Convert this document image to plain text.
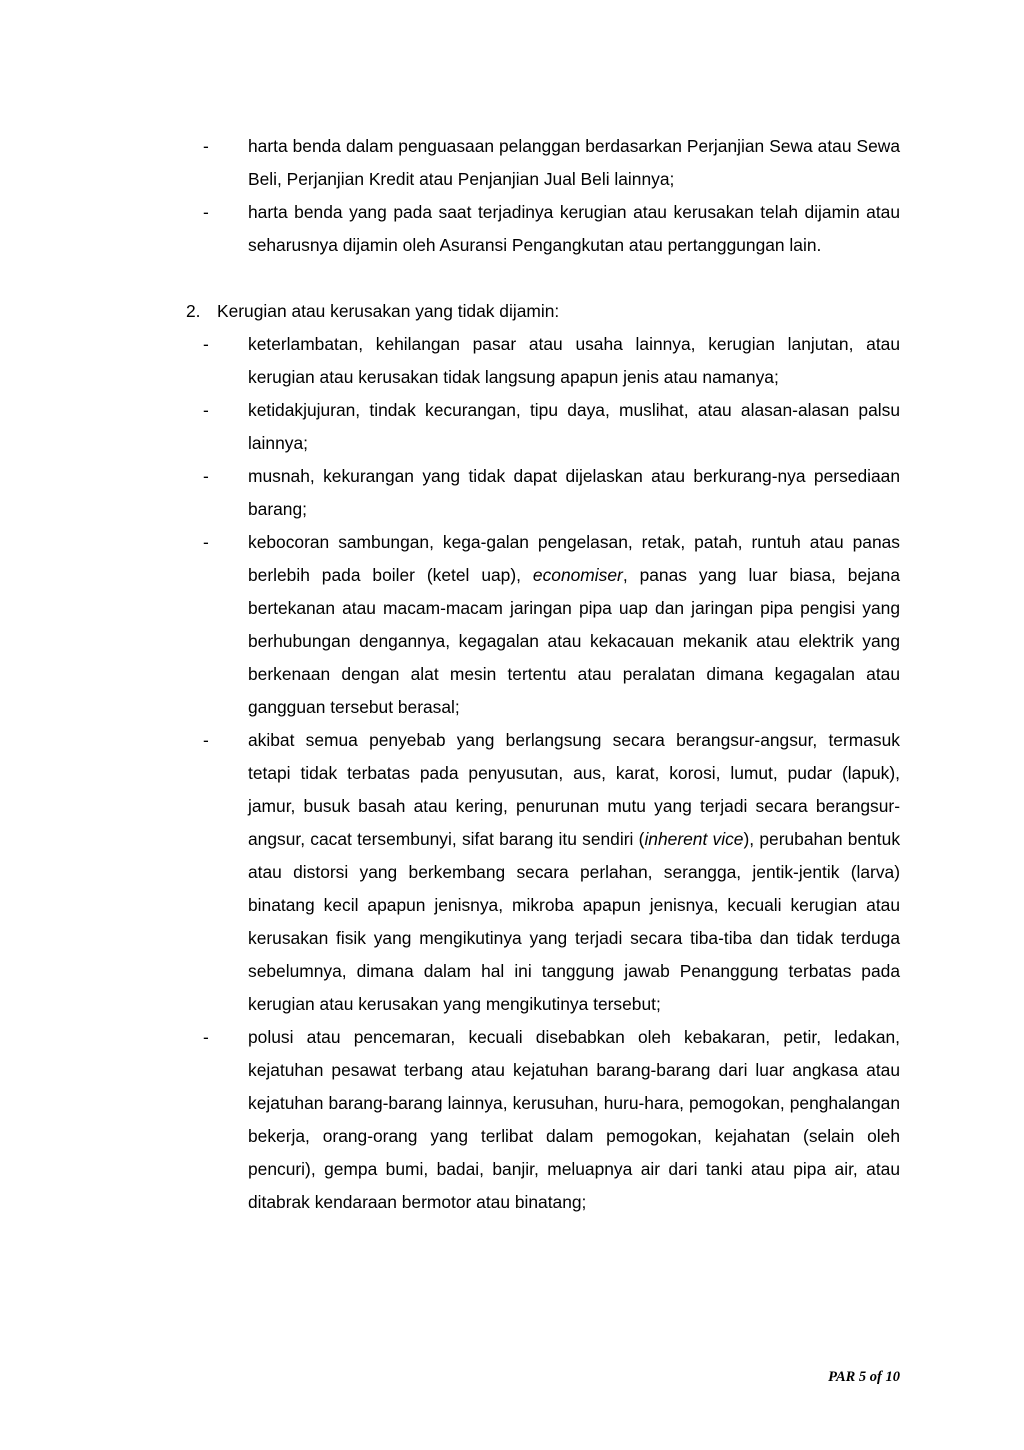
- harta benda dalam penguasaan pelanggan berdasarkan Perjanjian Sewa atau Sewa Beli, Perjanjian Kredit atau Penjanjian Jual Beli lainnya;
- harta benda yang pada saat terjadinya kerugian atau kerusakan telah dijamin atau seharusnya dijamin oleh Asuransi Pengangkutan atau pertanggungan lain.
2. Kerugian atau kerusakan yang tidak dijamin:
- keterlambatan, kehilangan pasar atau usaha lainnya, kerugian lanjutan, atau kerugian atau kerusakan tidak langsung apapun jenis atau namanya;
- ketidakjujuran, tindak kecurangan, tipu daya, muslihat, atau alasan-alasan palsu lainnya;
- musnah, kekurangan yang tidak dapat dijelaskan atau berkurang-nya persediaan barang;
- kebocoran sambungan, kega-galan pengelasan, retak, patah, runtuh atau panas berlebih pada boiler (ketel uap), economiser, panas yang luar biasa, bejana bertekanan atau macam-macam jaringan pipa uap dan jaringan pipa pengisi yang berhubungan dengannya, kegagalan atau kekacauan mekanik atau elektrik yang berkenaan dengan alat mesin tertentu atau peralatan dimana kegagalan atau gangguan tersebut berasal;
- akibat semua penyebab yang berlangsung secara berangsur-angsur, termasuk tetapi tidak terbatas pada penyusutan, aus, karat, korosi, lumut, pudar (lapuk), jamur, busuk basah atau kering, penurunan mutu yang terjadi secara berangsur-angsur, cacat tersembunyi, sifat barang itu sendiri (inherent vice), perubahan bentuk atau distorsi yang berkembang secara perlahan, serangga, jentik-jentik (larva) binatang kecil apapun jenisnya, mikroba apapun jenisnya, kecuali kerugian atau kerusakan fisik yang mengikutinya yang terjadi secara tiba-tiba dan tidak terduga sebelumnya, dimana dalam hal ini tanggung jawab Penanggung terbatas pada kerugian atau kerusakan yang mengikutinya tersebut;
- polusi atau pencemaran, kecuali disebabkan oleh kebakaran, petir, ledakan, kejatuhan pesawat terbang atau kejatuhan barang-barang dari luar angkasa atau kejatuhan barang-barang lainnya, kerusuhan, huru-hara, pemogokan, penghalangan bekerja, orang-orang yang terlibat dalam pemogokan, kejahatan (selain oleh pencuri), gempa bumi, badai, banjir, meluapnya air dari tanki atau pipa air, atau ditabrak kendaraan bermotor atau binatang;
PAR 5 of 10
